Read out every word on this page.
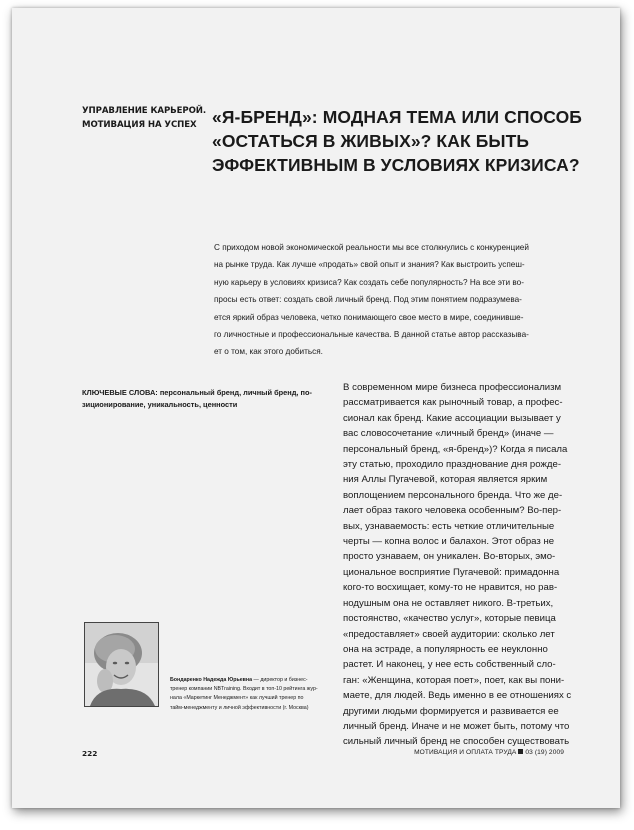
УПРАВЛЕНИЕ КАРЬЕРОЙ.
МОТИВАЦИЯ НА УСПЕХ «Я-БРЕНД»: МОДНАЯ ТЕМА ИЛИ СПОСОБ
«ОСТАТЬСЯ В ЖИВЫХ»? КАК БЫТЬ
ЭФФЕКТИВНЫМ В УСЛОВИЯХ КРИЗИСА?
С приходом новой экономической реальности мы все столкнулись с конкуренцией
на рынке труда. Как лучше «продать» свой опыт и знания? Как выстроить успеш-
ную карьеру в условиях кризиса? Как создать себе популярность? На все эти во-
просы есть ответ: создать свой личный бренд. Под этим понятием подразумева-
ется яркий образ человека, четко понимающего свое место в мире, соединивше-
го личностные и профессиональные качества. В данной статье автор рассказыва-
ет о том, как этого добиться.
КЛЮЧЕВЫЕ СЛОВА: персональный бренд, личный бренд, по-
зиционирование, уникальность, ценности
В современном мире бизнеса профессионализм
рассматривается как рыночный товар, а профес-
сионал как бренд. Какие ассоциации вызывает у
вас словосочетание «личный бренд» (иначе —
персональный бренд, «я-бренд»)? Когда я писала
эту статью, проходило празднование дня рожде-
ния Аллы Пугачевой, которая является ярким
воплощением персонального бренда. Что же де-
лает образ такого человека особенным? Во-пер-
вых, узнаваемость: есть четкие отличительные
черты — копна волос и балахон. Этот образ не
просто узнаваем, он уникален. Во-вторых, эмо-
циональное восприятие Пугачевой: примадонна
кого-то восхищает, кому-то не нравится, но рав-
нодушным она не оставляет никого. В-третьих,
постоянство, «качество услуг», которые певица
«предоставляет» своей аудитории: сколько лет
она на эстраде, а популярность ее неуклонно
растет. И наконец, у нее есть собственный сло-
ган: «Женщина, которая поет», поет, как вы пони-
маете, для людей. Ведь именно в ее отношениях с
другими людьми формируется и развивается ее
личный бренд. Иначе и не может быть, потому что
сильный личный бренд не способен существовать
Бондаренко Надежда Юрьевна — директор и бизнес-
тренер компании NBTraining. Входит в топ-10 рейтинга жур-
нала «Маркетинг Менеджмент» как лучший тренер по
тайм-менеджменту и личной эффективности (г. Москва)
222	МОТИВАЦИЯ И ОПЛАТА ТРУДА 03 (19) 2009
